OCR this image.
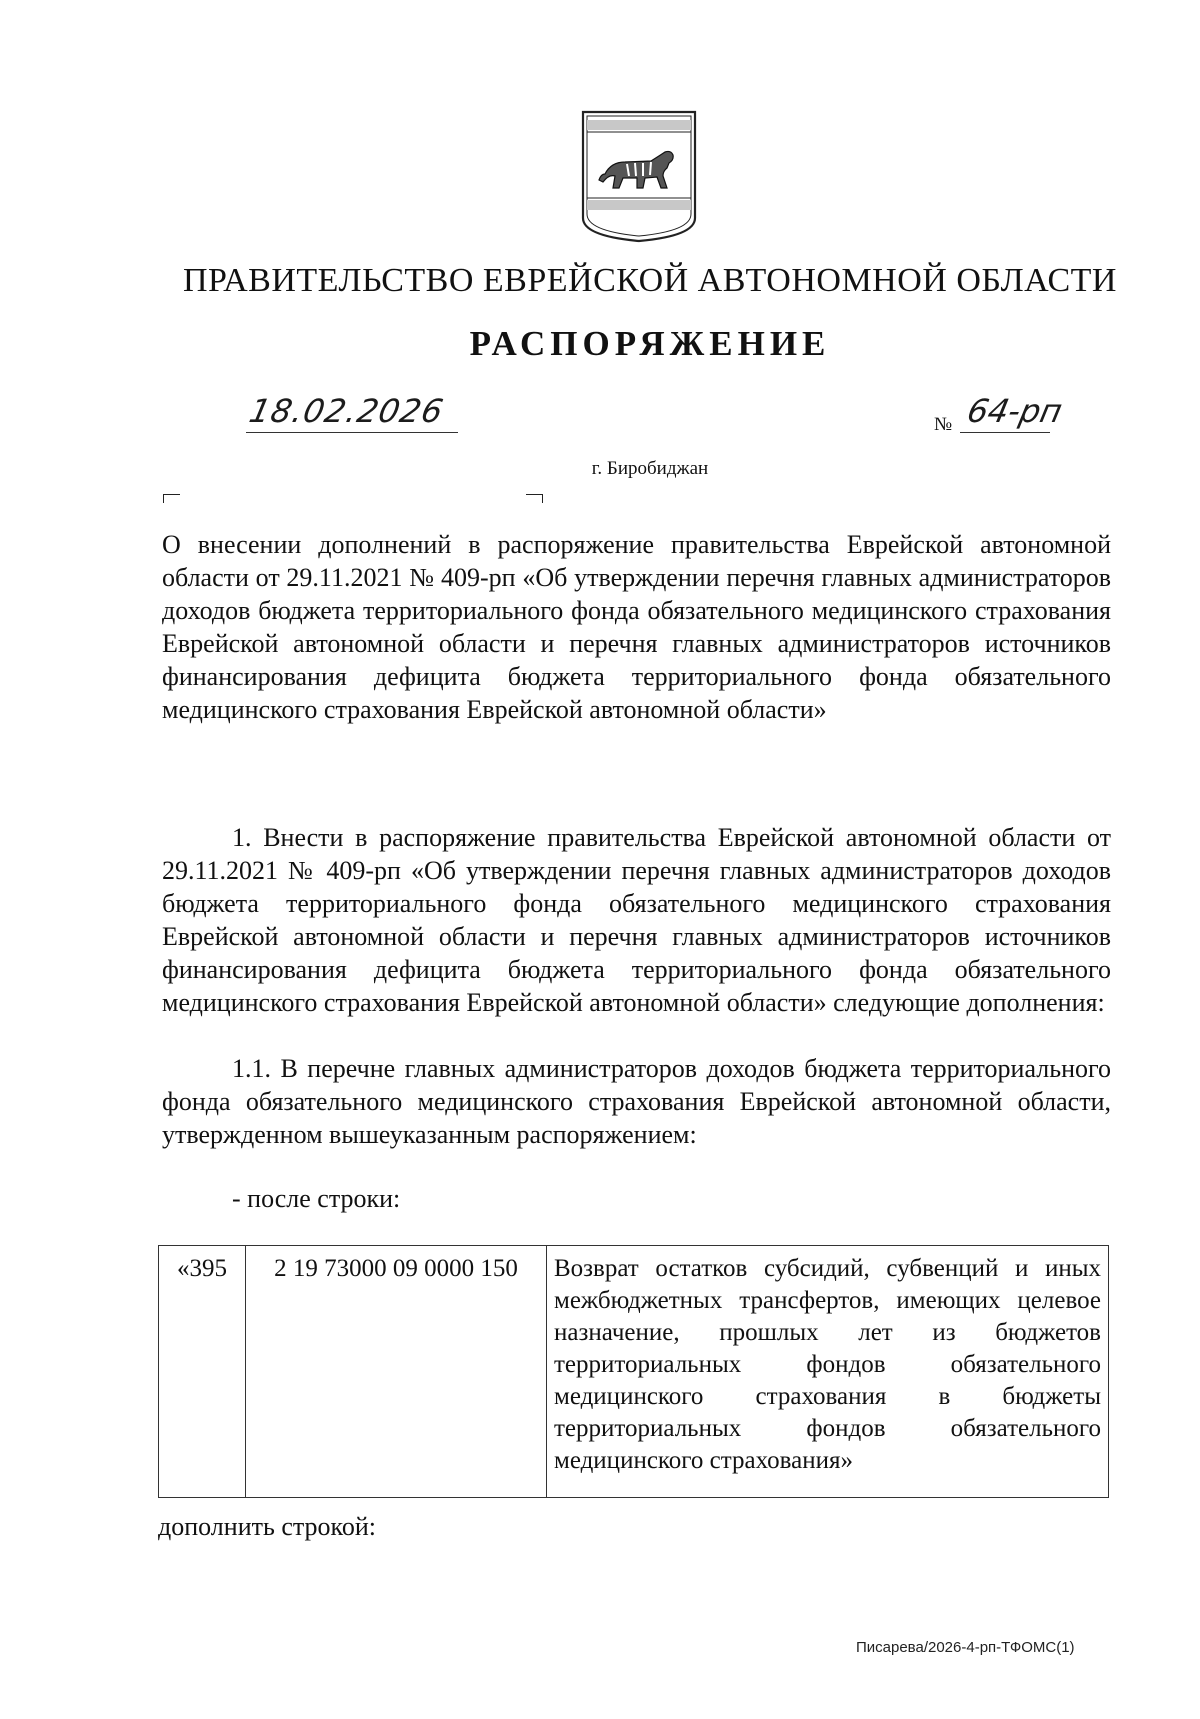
ПРАВИТЕЛЬСТВО ЕВРЕЙСКОЙ АВТОНОМНОЙ ОБЛАСТИ
РАСПОРЯЖЕНИЕ
18.02.2026	№ 64-рп
г. Биробиджан
О внесении дополнений в распоряжение правительства Еврейской автономной области от 29.11.2021 № 409-рп «Об утверждении перечня главных администраторов доходов бюджета территориального фонда обязательного медицинского страхования Еврейской автономной области и перечня главных администраторов источников финансирования дефицита бюджета территориального фонда обязательного медицинского страхования Еврейской автономной области»
1. Внести в распоряжение правительства Еврейской автономной области от 29.11.2021 № 409-рп «Об утверждении перечня главных администраторов доходов бюджета территориального фонда обязательного медицинского страхования Еврейской автономной области и перечня главных администраторов источников финансирования дефицита бюджета территориального фонда обязательного медицинского страхования Еврейской автономной области» следующие дополнения:
1.1. В перечне главных администраторов доходов бюджета территориального фонда обязательного медицинского страхования Еврейской автономной области, утвержденном вышеуказанным распоряжением:
- после строки:
«395	2 19 73000 09 0000 150	Возврат остатков субсидий, субвенций и иных межбюджетных трансфертов, имеющих целевое назначение, прошлых лет из бюджетов территориальных фондов обязательного медицинского страхования в бюджеты территориальных фондов обязательного медицинского страхования»
дополнить строкой:
Писарева/2026-4-рп-ТФОМС(1)
